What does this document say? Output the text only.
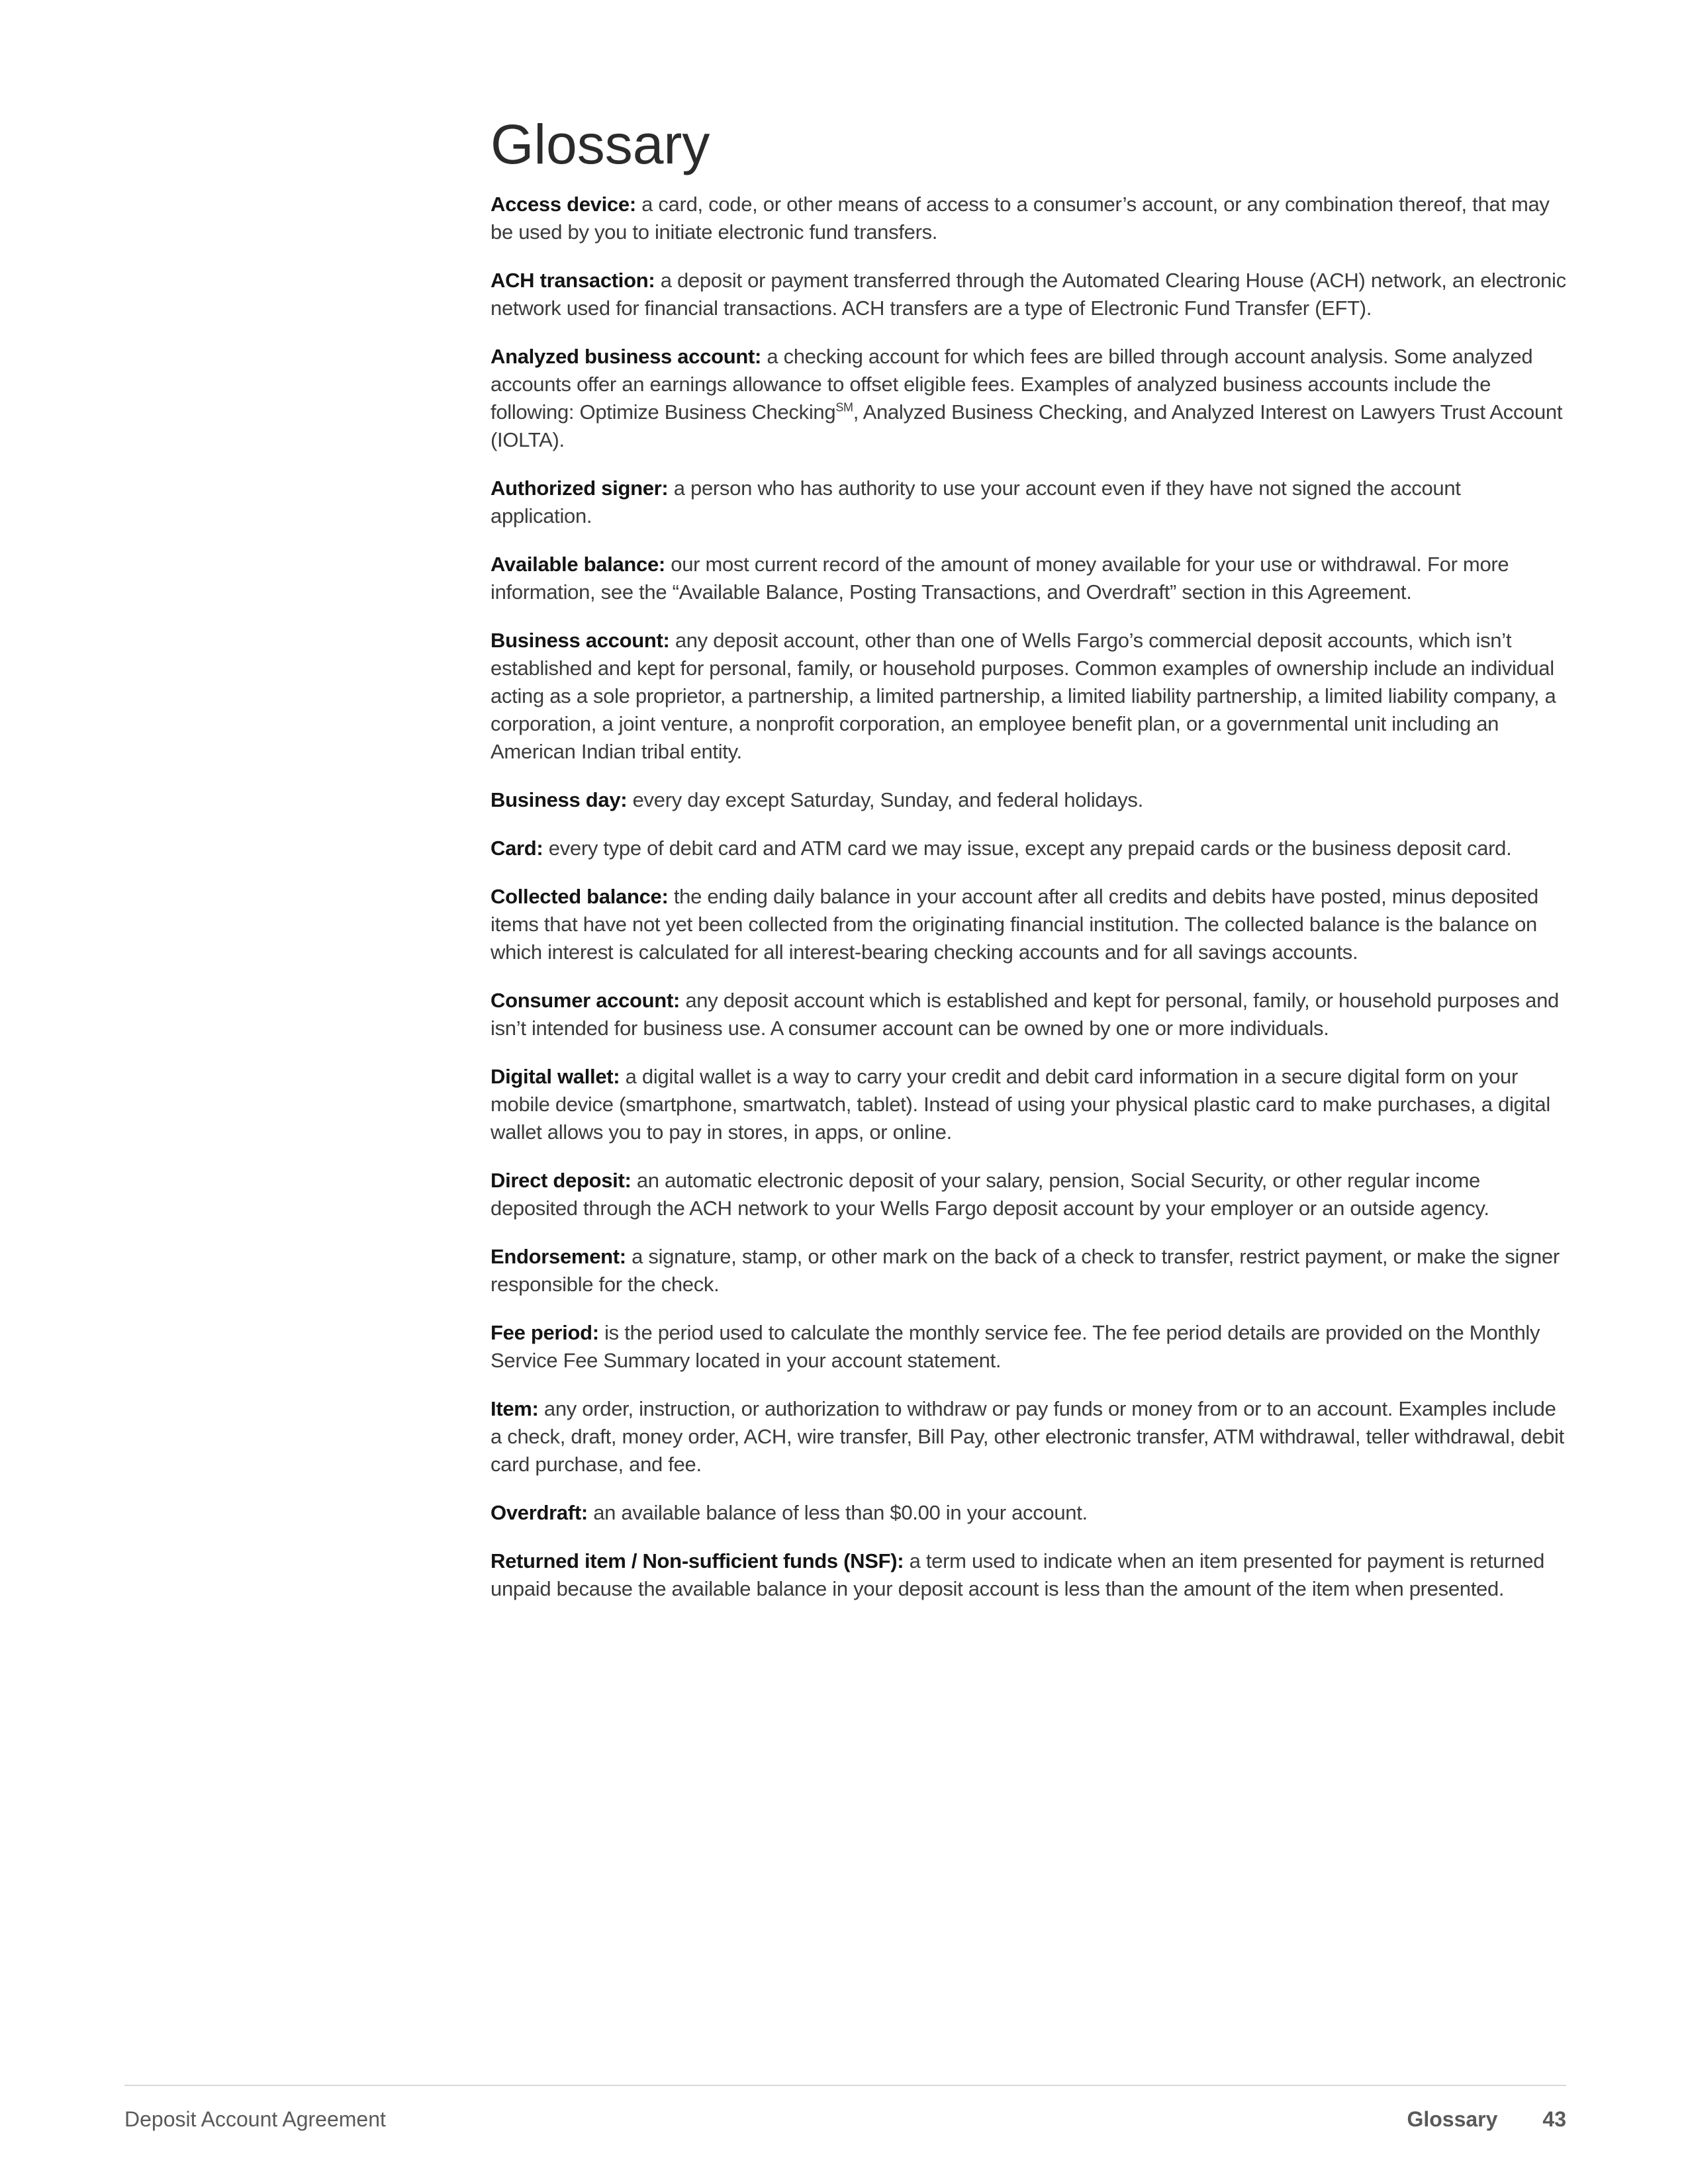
Glossary

Access device: a card, code, or other means of access to a consumer’s account, or any combination thereof, that may be used by you to initiate electronic fund transfers.

ACH transaction: a deposit or payment transferred through the Automated Clearing House (ACH) network, an electronic network used for financial transactions. ACH transfers are a type of Electronic Fund Transfer (EFT).

Analyzed business account: a checking account for which fees are billed through account analysis. Some analyzed accounts offer an earnings allowance to offset eligible fees. Examples of analyzed business accounts include the following: Optimize Business Checking℠, Analyzed Business Checking, and Analyzed Interest on Lawyers Trust Account (IOLTA).

Authorized signer: a person who has authority to use your account even if they have not signed the account application.

Available balance: our most current record of the amount of money available for your use or withdrawal. For more information, see the “Available Balance, Posting Transactions, and Overdraft” section in this Agreement.

Business account: any deposit account, other than one of Wells Fargo’s commercial deposit accounts, which isn’t established and kept for personal, family, or household purposes. Common examples of ownership include an individual acting as a sole proprietor, a partnership, a limited partnership, a limited liability partnership, a limited liability company, a corporation, a joint venture, a nonprofit corporation, an employee benefit plan, or a governmental unit including an American Indian tribal entity.

Business day: every day except Saturday, Sunday, and federal holidays.

Card: every type of debit card and ATM card we may issue, except any prepaid cards or the business deposit card.

Collected balance: the ending daily balance in your account after all credits and debits have posted, minus deposited items that have not yet been collected from the originating financial institution. The collected balance is the balance on which interest is calculated for all interest-bearing checking accounts and for all savings accounts.

Consumer account: any deposit account which is established and kept for personal, family, or household purposes and isn’t intended for business use. A consumer account can be owned by one or more individuals.

Digital wallet: a digital wallet is a way to carry your credit and debit card information in a secure digital form on your mobile device (smartphone, smartwatch, tablet). Instead of using your physical plastic card to make purchases, a digital wallet allows you to pay in stores, in apps, or online.

Direct deposit: an automatic electronic deposit of your salary, pension, Social Security, or other regular income deposited through the ACH network to your Wells Fargo deposit account by your employer or an outside agency.

Endorsement: a signature, stamp, or other mark on the back of a check to transfer, restrict payment, or make the signer responsible for the check.

Fee period: is the period used to calculate the monthly service fee. The fee period details are provided on the Monthly Service Fee Summary located in your account statement.

Item: any order, instruction, or authorization to withdraw or pay funds or money from or to an account. Examples include a check, draft, money order, ACH, wire transfer, Bill Pay, other electronic transfer, ATM withdrawal, teller withdrawal, debit card purchase, and fee.

Overdraft: an available balance of less than $0.00 in your account.

Returned item / Non-sufficient funds (NSF): a term used to indicate when an item presented for payment is returned unpaid because the available balance in your deposit account is less than the amount of the item when presented.

Deposit Account Agreement	Glossary 43
